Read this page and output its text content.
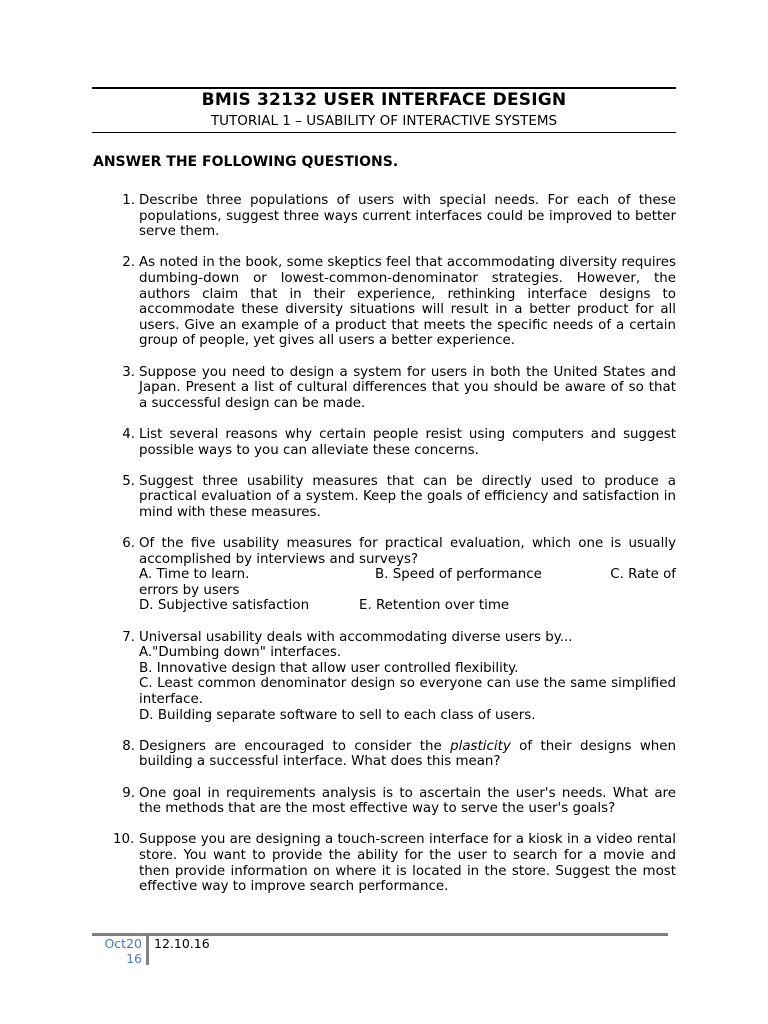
BMIS 32132 USER INTERFACE DESIGN
TUTORIAL 1 – USABILITY OF INTERACTIVE SYSTEMS
ANSWER THE FOLLOWING QUESTIONS.
1. Describe three populations of users with special needs. For each of these populations, suggest three ways current interfaces could be improved to better serve them.
2. As noted in the book, some skeptics feel that accommodating diversity requires dumbing-down or lowest-common-denominator strategies. However, the authors claim that in their experience, rethinking interface designs to accommodate these diversity situations will result in a better product for all users. Give an example of a product that meets the specific needs of a certain group of people, yet gives all users a better experience.
3. Suppose you need to design a system for users in both the United States and Japan. Present a list of cultural differences that you should be aware of so that a successful design can be made.
4. List several reasons why certain people resist using computers and suggest possible ways to you can alleviate these concerns.
5. Suggest three usability measures that can be directly used to produce a practical evaluation of a system. Keep the goals of efficiency and satisfaction in mind with these measures.
6. Of the five usability measures for practical evaluation, which one is usually accomplished by interviews and surveys?
A. Time to learn.	B. Speed of performance	C. Rate of
errors by users
D. Subjective satisfaction	E. Retention over time
7. Universal usability deals with accommodating diverse users by...
A."Dumbing down" interfaces.
B. Innovative design that allow user controlled flexibility.
C. Least common denominator design so everyone can use the same simplified interface.
D. Building separate software to sell to each class of users.
8. Designers are encouraged to consider the plasticity of their designs when building a successful interface. What does this mean?
9. One goal in requirements analysis is to ascertain the user's needs. What are the methods that are the most effective way to serve the user's goals?
10. Suppose you are designing a touch-screen interface for a kiosk in a video rental store. You want to provide the ability for the user to search for a movie and then provide information on where it is located in the store. Suggest the most effective way to improve search performance.
Oct20
16
12.10.16
